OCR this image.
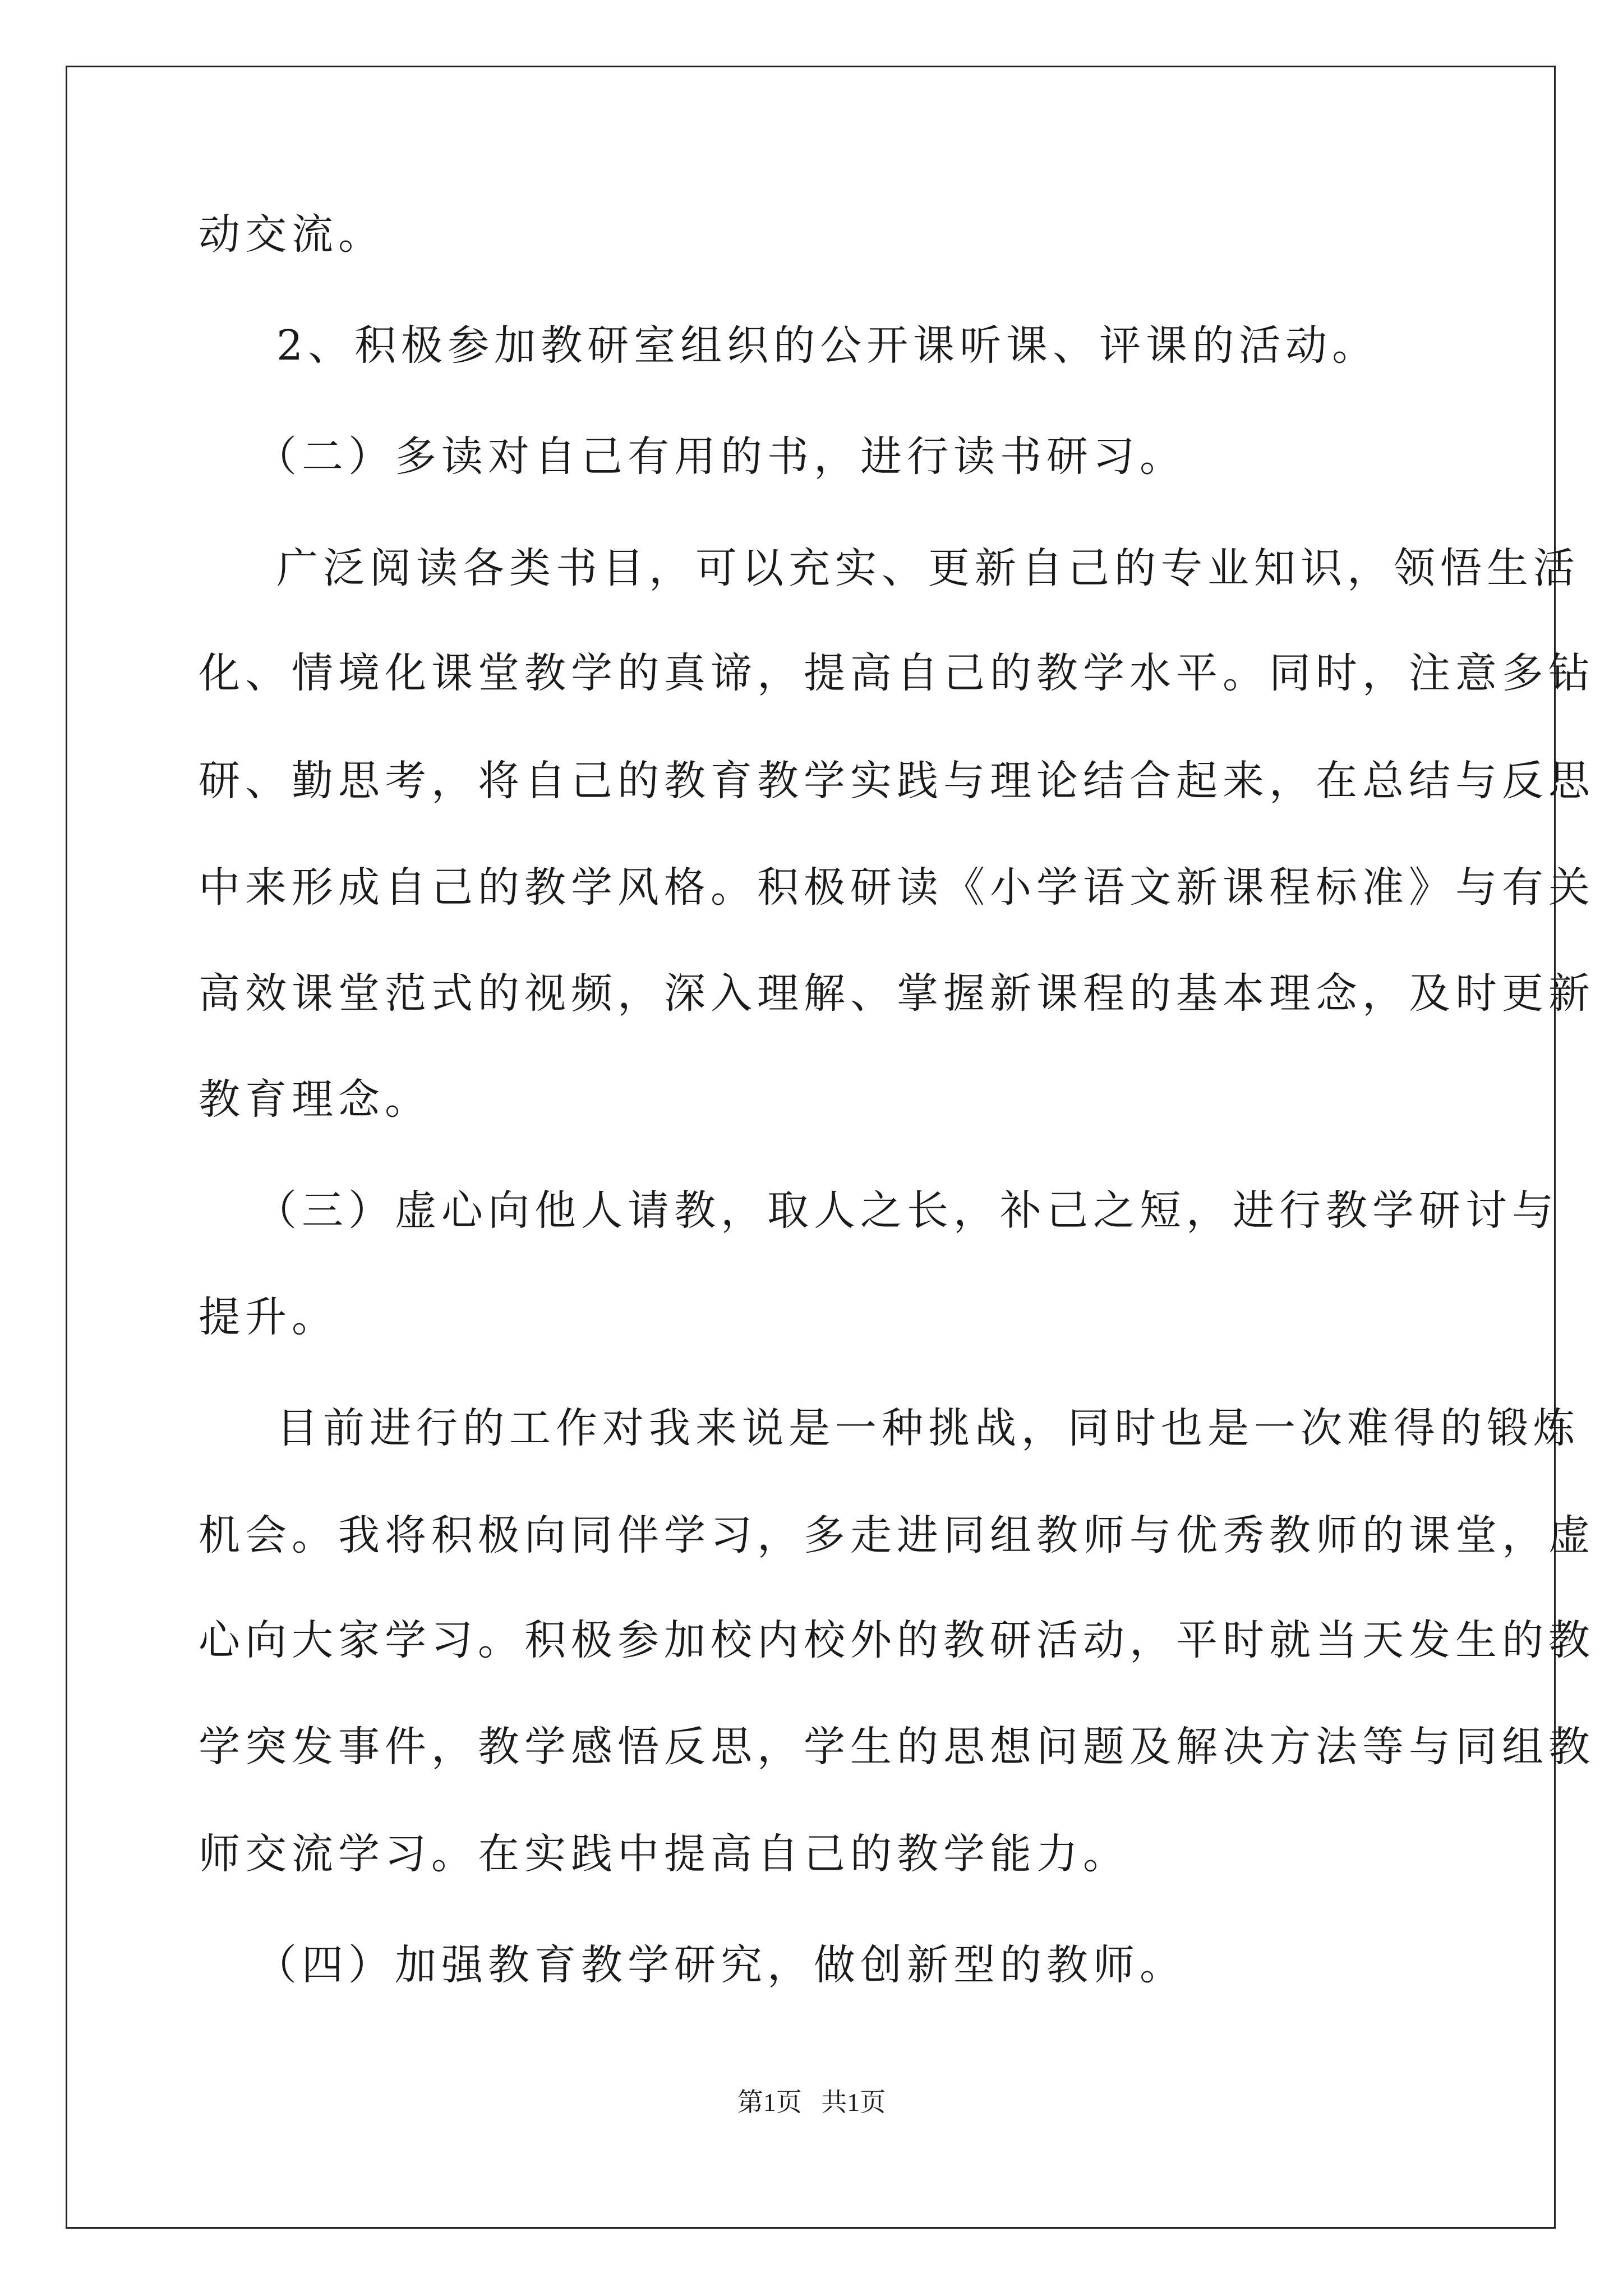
动交流。
2、积极参加教研室组织的公开课听课、评课的活动。
（二）多读对自己有用的书，进行读书研习。
广泛阅读各类书目，可以充实、更新自己的专业知识，领悟生活
化、情境化课堂教学的真谛，提高自己的教学水平。同时，注意多钻
研、勤思考，将自己的教育教学实践与理论结合起来，在总结与反思
中来形成自己的教学风格。积极研读《小学语文新课程标准》与有关
高效课堂范式的视频，深入理解、掌握新课程的基本理念，及时更新
教育理念。
（三）虚心向他人请教，取人之长，补己之短，进行教学研讨与
提升。
目前进行的工作对我来说是一种挑战，同时也是一次难得的锻炼
机会。我将积极向同伴学习，多走进同组教师与优秀教师的课堂，虚
心向大家学习。积极参加校内校外的教研活动，平时就当天发生的教
学突发事件，教学感悟反思，学生的思想问题及解决方法等与同组教
师交流学习。在实践中提高自己的教学能力。
（四）加强教育教学研究，做创新型的教师。
第1页   共1页
